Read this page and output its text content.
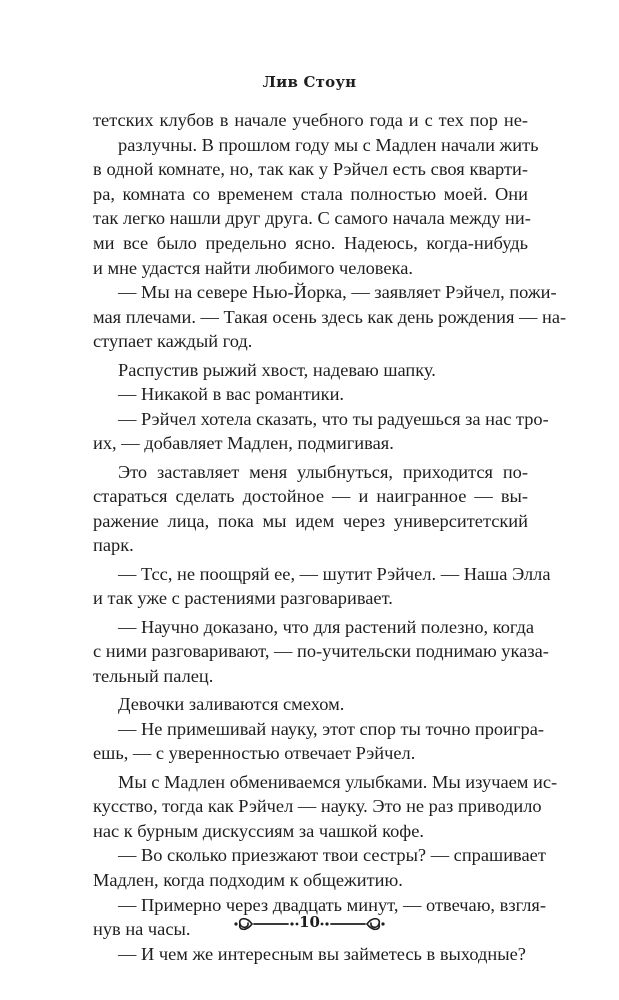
Лив Стоун
тетских клубов в начале учебного года и с тех пор не-
разлучны. В прошлом году мы с Мадлен начали жить
в одной комнате, но, так как у Рэйчел есть своя кварти-
ра, комната со временем стала полностью моей. Они
так легко нашли друг друга. С самого начала между ни-
ми все было предельно ясно. Надеюсь, когда-нибудь
и мне удастся найти любимого человека.
— Мы на севере Нью-Йорка, — заявляет Рэйчел, пожи-
мая плечами. — Такая осень здесь как день рождения — на-
ступает каждый год.
Распустив рыжий хвост, надеваю шапку.
— Никакой в вас романтики.
— Рэйчел хотела сказать, что ты радуешься за нас тро-
их, — добавляет Мадлен, подмигивая.
Это заставляет меня улыбнуться, приходится по-
стараться сделать достойное — и наигранное — вы-
ражение лица, пока мы идем через университетский
парк.
— Тсс, не поощряй ее, — шутит Рэйчел. — Наша Элла
и так уже с растениями разговаривает.
— Научно доказано, что для растений полезно, когда
с ними разговаривают, — по-учительски поднимаю указа-
тельный палец.
Девочки заливаются смехом.
— Не примешивай науку, этот спор ты точно проигра-
ешь, — с уверенностью отвечает Рэйчел.
Мы с Мадлен обмениваемся улыбками. Мы изучаем ис-
кусство, тогда как Рэйчел — науку. Это не раз приводило
нас к бурным дискуссиям за чашкой кофе.
— Во сколько приезжают твои сестры? — спрашивает
Мадлен, когда подходим к общежитию.
— Примерно через двадцать минут, — отвечаю, взгля-
нув на часы.
— И чем же интересным вы займетесь в выходные?
10
